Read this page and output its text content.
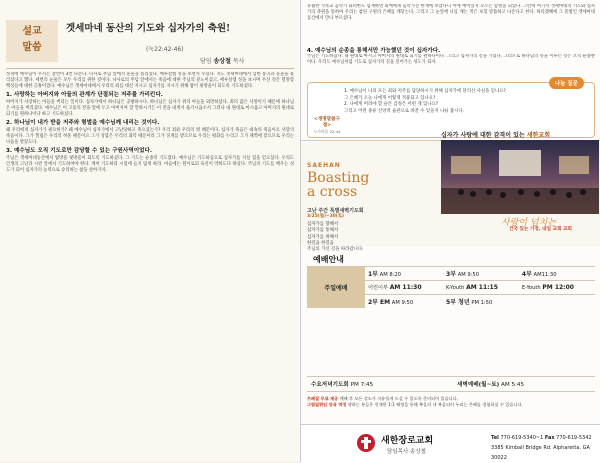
설교
말씀
겟세마네 동산의 기도와 십자가의 축원!
(눅22:42-46)
담임 송상철 목사

성경에 예수님이 우시는 장면이 3번 나온다. 나사로 무덤 앞에서 눈물을 흘리셨다. 예루살렘 성을 보면서 우셨다. 지도 겟세마네에서 심한 통곡과 눈물을 흘리셨다고 했다. 세번의 눈물은 모두 우리를 위한 것이다. 나사로의 무덤 앞에서는 죽음에 대한 주님의 분노이셨고, 예루살렘 성을 보시며 우신 것은 멸망할 백성들에 대한 긍휼이었다. 예수님은 겟세마네에서 우리의 죄를 대신 지시고 십자가를 지시기 위해 땀이 핏방울이 되도록 기도하셨다.

1. 사랑하는 아버지와 아들의 관계가 단절되는 저주를 가리킨다.

아버지가 사랑하는 아들을 버리는 일이다. 십자가에서 하나님은 공평하시다. 하나님은 십자가 위의 아들을 외면하셨다. 죄의 값은 사망이기 때문에 하나님은 아들을 버리셨다. 예수님은 이 고통의 잔을 앞에 두고 아버지여 할 만하시거든 이 잔을 내게서 옮기시옵소서 그러나 내 원대로 마시옵고 아버지의 원대로 되기를 원하나이다 하고 기도하셨다.

2. 하나님이 내가 받을 저주와 형벌을 예수님께 내리는 것이다.

왜 우리에게 십자가가 필요한가? 왜 예수님이 십자가에서 고난당하고 죽으셨는가? 우리 죄와 우리의 병 때문이다. 십자가 죽음은 대속의 죽음이요 사랑의 죽음이다. 그가 찔림은 우리의 허물 때문이요 그가 상함은 우리의 죄악 때문이라 그가 징계를 받으므로 우리는 평화를 누리고 그가 채찍에 맞으므로 우리는 나음을 받았도다.

3. 예수님도 오직 기도로만 감당할 수 있는 구원사역이었다.

주님은 겟세마네동산에서 땀방울 핏방울이 되도록 기도하셨다. 그 기도는 순종의 기도였다. 예수님은 기도하심으로 십자가를 지실 힘을 얻으셨다. 우리도 인생의 고난과 시련 앞에서 기도하여야 한다. 깨어 기도하라 시험에 들지 않게 하라. 마음에는 원이로되 육신이 약하도다 하셨다. 주님의 기도를 배우는 성도가 되어 십자가의 능력으로 승리하는 삶을 살아가자.

유월한 가족교 음악가 화려한도 엄재하면 외에에게 음악가진 한계에 보았다니 이에 예어있지 모르는 할렐을 되었다. 그런데 여기서 겟세마네의 기도와 십자가의 축원을 통하여 우리는 참된 구원의 은혜를 깨닫는다. 그리고 그 눈앞에 나를 깨는 적은 보혈 말씀하고 나온다고 한다. 하리겠혜에 그 꼴밤인 겟세마네 동산에서 만나 부르셨다.
4. 예수님의 순종을 통해서만 가능했던 것이 십자가다.
주님은 기도하셨다. 내 원대로 마시고 아버지의 원대로 되기를 원하나이다. 그리고 십자가의 길을 가셨다. 그러므로 하나님의 뜻을 이루는 것은 오직 순종뿐이다. 우리도 예수님처럼 기도로 십자가의 길을 걸어가는 성도가 되자.
나눔 질문
<생명말씀구절>
누가복음 22:44
1. 예수님이 나의 모든 죄와 저주를 담당하시기 위해 십자가에 달리신 사실을 믿나요?
그 은혜가 오늘 나에게 어떻게 적용되고 있나요?
2. 나에게 버려야 할 슬픈 감정은 어떤 게 있나요?
그리고 어떤 종류 신앙적 습관으로 바꿀 수 있을지 나눠 봅시다.
십자가 사랑에 대한 감격이 있는 새한교회
SAEHAN
Boasting
a cross
고난 주간 특별새벽기도회
3/25(월)~30(토)
십자가를 향해서
십자가를 통해서
십자가를 위해서
한걸음 한걸음
주님의 가신 길을 따라갑니다.
사랑이 넘치는
건국 있는 가정, 내일 교회 교회
예배안내
주일예배	1부 AM 8:20	3부 AM 9:50	4부 AM11:30
	어린이부 AM 11:30	K-Youth AM 11:15	E-Youth PM 12:00
	2부 EM AM 9:50	5부 청년 PM 1:50	
수요저녁기도회 PM 7:45	새벽예배(월~토) AM 5:45
프폐잘 무료 제공 예배 후 모든 성도가 자유롭게 드실 수 있도록 준비되어 있습니다.
그립알뤼임 앙육 역정 행하는 분들은 헌재한 1:1 해정을 통해 복음의 내 복음되어 누리는 은혜를 경험하실 수 있습니다.
새한장로교회
담임목사 송상철
Tel 770-619-5340~1 Fax 770-619-5342
3385 Kimball Bridge Rd. Alpharetta, GA 30022
